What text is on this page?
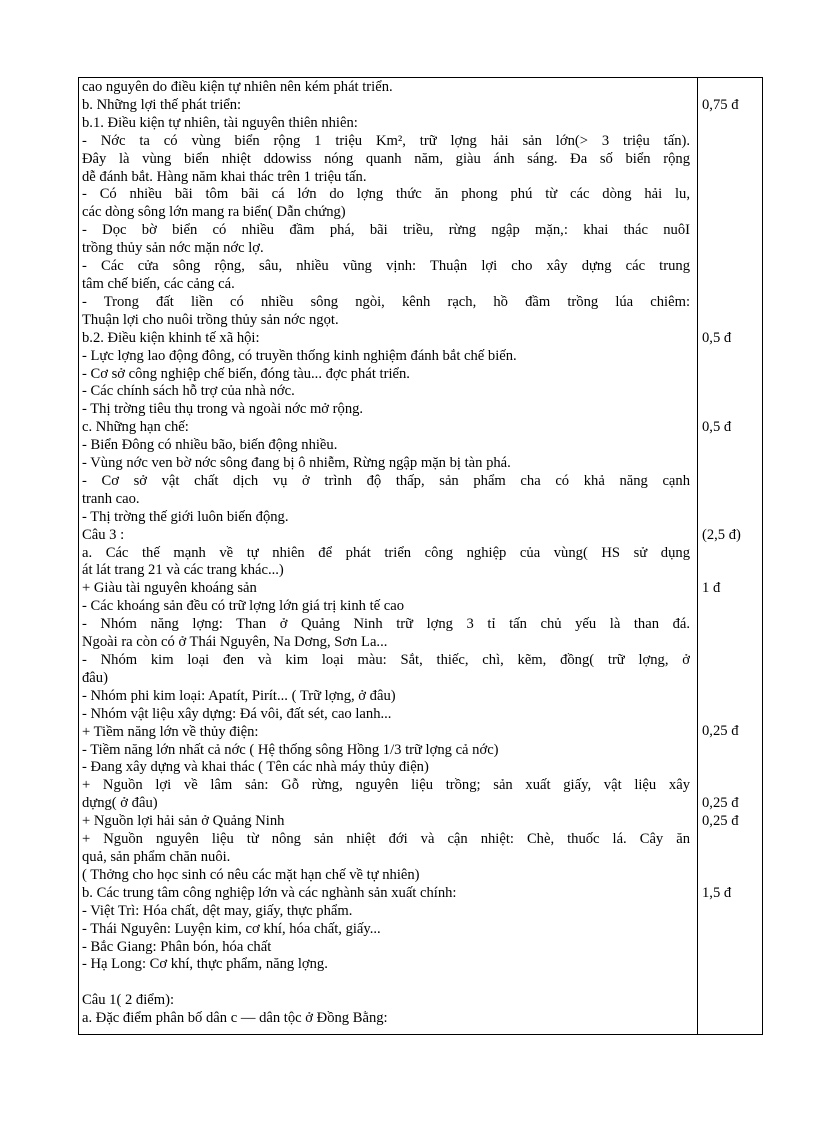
cao nguyên do điều kiện tự nhiên nên kém phát triển.
b. Những lợi thế phát triển:
b.1. Điều kiện tự nhiên, tài nguyên thiên nhiên:
- Nớc ta có vùng biển rộng 1 triệu Km², trữ lợng hải sản lớn(> 3 triệu tấn).
Đây là vùng biển nhiệt ddowiss nóng quanh năm, giàu ánh sáng. Đa số biển rộng
dễ đánh bắt. Hàng năm khai thác trên 1 triệu tấn.
- Có nhiều bãi tôm bãi cá lớn do lợng thức ăn phong phú từ các dòng hải lu,
các dòng sông lớn mang ra biển( Dẫn chứng)
- Dọc bờ biển có nhiều đầm phá, bãi triều, rừng ngập mặn,: khai thác nuôI
trồng thủy sản nớc mặn nớc lợ.
- Các cửa sông rộng, sâu, nhiều vũng vịnh: Thuận lợi cho xây dựng các trung
tâm chế biến, các cảng cá.
- Trong đất liền có nhiều sông ngòi, kênh rạch, hồ đầm trồng lúa chiêm:
Thuận lợi cho nuôi trồng thủy sản nớc ngọt.
b.2. Điều kiện khinh tế xã hội:
- Lực lợng lao động đông, có truyền thống kinh nghiệm đánh bắt chế biến.
- Cơ sở công nghiệp chế biến, đóng tàu... đợc phát triển.
- Các chính sách hỗ trợ của nhà nớc.
- Thị trờng tiêu thụ trong và ngoài nớc mở rộng.
c. Những hạn chế:
- Biển Đông có nhiều bão, biến động nhiều.
- Vùng nớc ven bờ nớc sông đang bị ô nhiễm, Rừng ngập mặn bị tàn phá.
- Cơ sở vật chất dịch vụ ở trình độ thấp, sản phẩm cha có khả năng cạnh
tranh cao.
- Thị trờng thế giới luôn biến động.
Câu 3 :
a. Các thế mạnh về tự nhiên để phát triển công nghiệp của vùng( HS sử dụng
át lát trang 21 và các trang khác...)
+ Giàu tài nguyên khoáng sản
- Các khoáng sản đều có trữ lợng lớn giá trị kinh tế cao
- Nhóm năng lợng: Than ở Quảng Ninh trữ lợng 3 tỉ tấn chủ yếu là than đá.
Ngoài ra còn có ở Thái Nguyên, Na Dơng, Sơn La...
- Nhóm kim loại đen và kim loại màu: Sắt, thiếc, chì, kẽm, đồng( trữ lợng, ở
đâu)
- Nhóm phi kim loại: Apatít, Pirít... ( Trữ lợng, ở đâu)
- Nhóm vật liệu xây dựng: Đá vôi, đất sét, cao lanh...
+ Tiềm năng lớn về thủy điện:
- Tiềm năng lớn nhất cả nớc ( Hệ thống sông Hồng 1/3 trữ lợng cả nớc)
- Đang xây dựng và khai thác ( Tên các nhà máy thủy điện)
+ Nguồn lợi về lâm sản: Gỗ rừng, nguyên liệu trồng; sản xuất giấy, vật liệu xây
dựng( ở đâu)
+ Nguồn lợi hải sản ở Quảng Ninh
+ Nguồn nguyên liệu từ nông sản nhiệt đới và cận nhiệt: Chè, thuốc lá. Cây ăn
quả, sản phẩm chăn nuôi.
( Thởng cho học sinh có nêu các mặt hạn chế về tự nhiên)
b. Các trung tâm công nghiệp lớn và các nghành sản xuất chính:
- Việt Trì: Hóa chất, dệt may, giấy, thực phẩm.
- Thái Nguyên: Luyện kim, cơ khí, hóa chất, giấy...
- Bắc Giang: Phân bón, hóa chất
- Hạ Long: Cơ khí, thực phẩm, năng lợng.
Câu 1( 2 điểm):
a. Đặc điểm phân bố dân c — dân tộc ở Đồng Bằng:
0,75 đ
0,5 đ
0,5 đ
(2,5 đ)
1 đ
0,25 đ
0,25 đ
0,25 đ
1,5 đ
